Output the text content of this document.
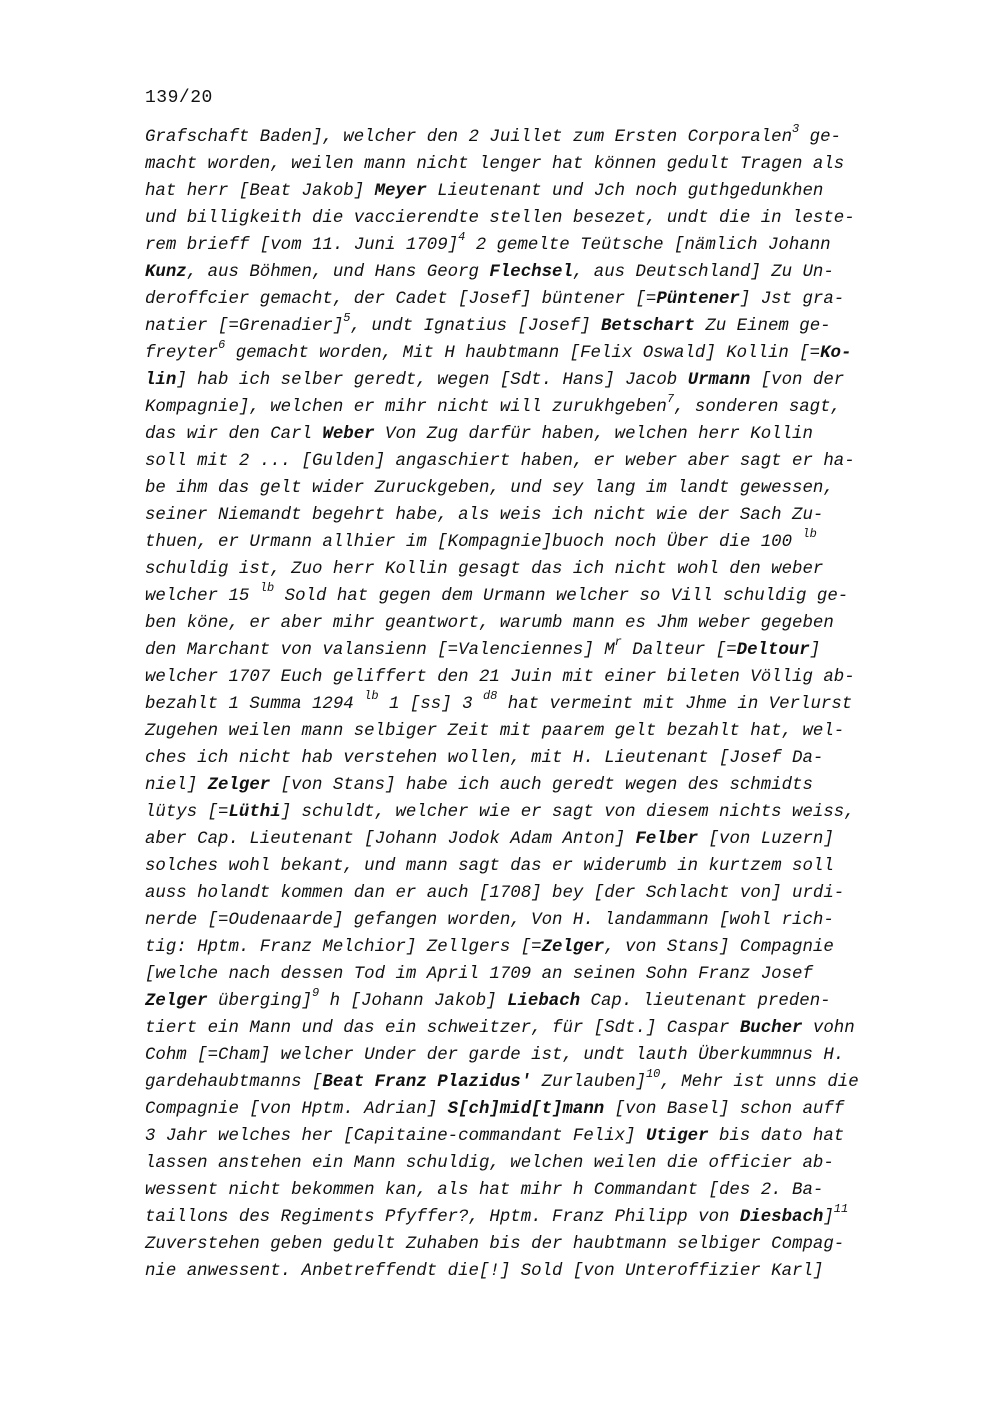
139/20
Grafschaft Baden], welcher den 2 Juillet zum Ersten Corporalen$^3$ ge-
macht worden, weilen mann nicht lenger hat können gedult Tragen als
hat herr [Beat Jakob] Meyer Lieutenant und Jch noch guthgedunkhen
und billigkeith die vaccierendte stellen besezet, undt die in leste-
rem brieff [vom 11. Juni 1709]$^4$ 2 gemelte Teütsche [nämlich Johann
Kunz, aus Böhmen, und Hans Georg Flechsel, aus Deutschland] Zu Un-
deroffcier gemacht, der Cadet [Josef] büntener [=Püntener] Jst gra-
natier [=Grenadier]$^5$, undt Ignatius [Josef] Betschart Zu Einem ge-
freyter$^6$ gemacht worden, Mit H haubtmann [Felix Oswald] Kollin [=Ko-
lin] hab ich selber geredt, wegen [Sdt. Hans] Jacob Urmann [von der
Kompagnie], welchen er mihr nicht will zurukhgeben$^7$, sonderen sagt,
das wir den Carl Weber Von Zug darfür haben, welchen herr Kollin
soll mit 2 ... [Gulden] angaschiert haben, er weber aber sagt er ha-
be ihm das gelt wider Zuruckgeben, und sey lang im landt gewessen,
seiner Niemandt begehrt habe, als weis ich nicht wie der Sach Zu-
thuen, er Urmann allhier im [Kompagnie]buoch noch Über die 100 $^{lb}$
schuldig ist, Zuo herr Kollin gesagt das ich nicht wohl den weber
welcher 15 $^{lb}$ Sold hat gegen dem Urmann welcher so Vill schuldig ge-
ben köne, er aber mihr geantwort, warumb mann es Jhm weber gegeben
den Marchant von valansienn [=Valenciennes] $M^r$ Dalteur [=Deltour]
welcher 1707 Euch geliffert den 21 Juin mit einer bileten Völlig ab-
bezahlt 1 Summa 1294 $^{lb}$ 1 [ss] 3 $^{d8}$ hat vermeint mit Jhme in Verlurst
Zugehen weilen mann selbiger Zeit mit paarem gelt bezahlt hat, wel-
ches ich nicht hab verstehen wollen, mit H. Lieutenant [Josef Da-
niel] Zelger [von Stans] habe ich auch geredt wegen des schmidts
lütys [=Lüthi] schuldt, welcher wie er sagt von diesem nichts weiss,
aber Cap. Lieutenant [Johann Jodok Adam Anton] Felber [von Luzern]
solches wohl bekant, und mann sagt das er widerumb in kurtzem soll
auss holandt kommen dan er auch [1708] bey [der Schlacht von] urdi-
nerde [=Oudenaarde] gefangen worden, Von H. landammann [wohl rich-
tig: Hptm. Franz Melchior] Zellgers [=Zelger, von Stans] Compagnie
[welche nach dessen Tod im April 1709 an seinen Sohn Franz Josef
Zelger überging]$^9$ h [Johann Jakob] Liebach Cap. lieutenant preden-
tiert ein Mann und das ein schweitzer, für [Sdt.] Caspar Bucher vohn
Cohm [=Cham] welcher Under der garde ist, undt lauth Überkummnus H.
gardehaubtmanns [Beat Franz Plazidus' Zurlauben]$^{10}$, Mehr ist unns die
Compagnie [von Hptm. Adrian] S[ch]mid[t]mann [von Basel] schon auff
3 Jahr welches her [Capitaine-commandant Felix] Utiger bis dato hat
lassen anstehen ein Mann schuldig, welchen weilen die officier ab-
wessent nicht bekommen kan, als hat mihr h Commandant [des 2. Ba-
taillons des Regiments Pfyffer?, Hptm. Franz Philipp von Diesbach]$^{11}$
Zuverstehen geben gedult Zuhaben bis der haubtmann selbiger Compag-
nie anwessent. Anbetreffendt die[!] Sold [von Unteroffizier Karl]
